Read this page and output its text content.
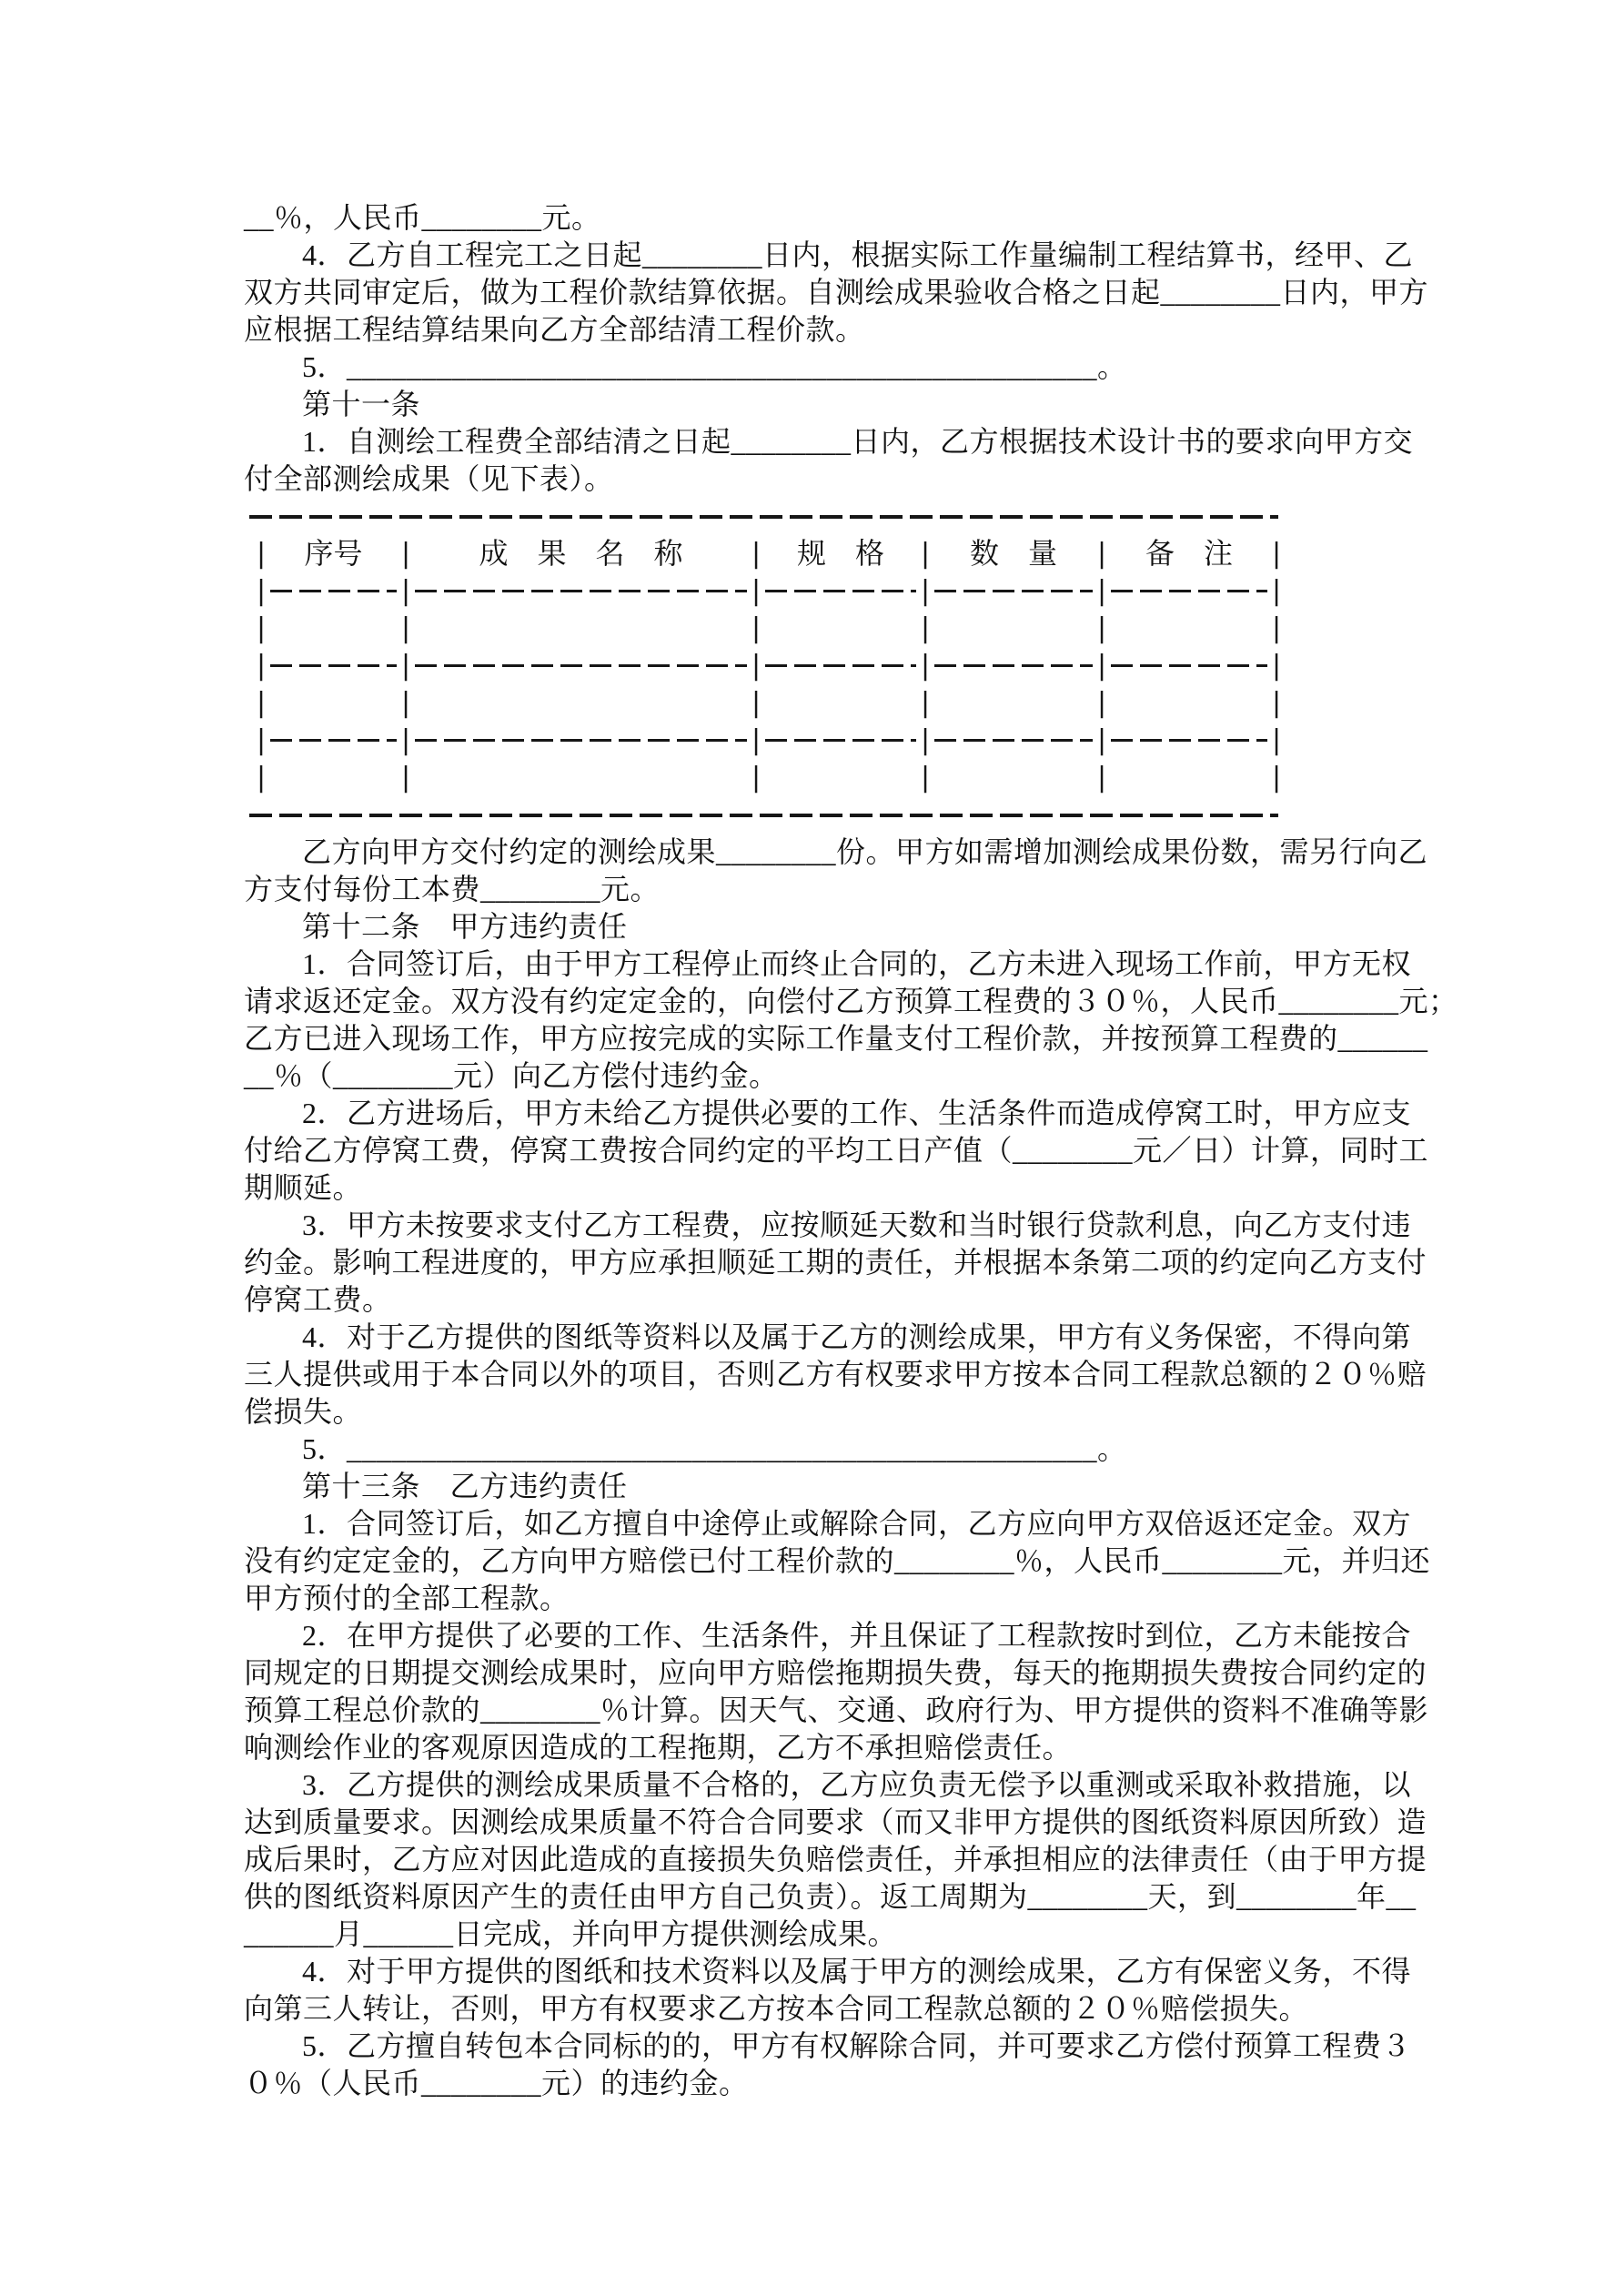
__％，人民币________元。
4．乙方自工程完工之日起________日内，根据实际工作量编制工程结算书，经甲、乙
双方共同审定后，做为工程价款结算依据。自测绘成果验收合格之日起________日内，甲方
应根据工程结算结果向乙方全部结清工程价款。
5．__________________________________________________。
第十一条
1．自测绘工程费全部结清之日起________日内，乙方根据技术设计书的要求向甲方交
付全部测绘成果（见下表）。
|	序号	|	成　果　名　称	|	规　格	|	数　量	|	备　注	|
|	|	|	|	|	|
|	|	|	|	|	|
|	|	|	|	|	|
|	|	|	|	|	|
|	|	|	|	|	|
|	|	|	|	|	|
乙方向甲方交付约定的测绘成果________份。甲方如需增加测绘成果份数，需另行向乙
方支付每份工本费________元。
第十二条　甲方违约责任
1．合同签订后，由于甲方工程停止而终止合同的，乙方未进入现场工作前，甲方无权
请求返还定金。双方没有约定定金的，向偿付乙方预算工程费的３０％，人民币________元；
乙方已进入现场工作，甲方应按完成的实际工作量支付工程价款，并按预算工程费的______
__％（________元）向乙方偿付违约金。
2．乙方进场后，甲方未给乙方提供必要的工作、生活条件而造成停窝工时，甲方应支
付给乙方停窝工费，停窝工费按合同约定的平均工日产值（________元／日）计算，同时工
期顺延。
3．甲方未按要求支付乙方工程费，应按顺延天数和当时银行贷款利息，向乙方支付违
约金。影响工程进度的，甲方应承担顺延工期的责任，并根据本条第二项的约定向乙方支付
停窝工费。
4．对于乙方提供的图纸等资料以及属于乙方的测绘成果，甲方有义务保密，不得向第
三人提供或用于本合同以外的项目，否则乙方有权要求甲方按本合同工程款总额的２０％赔
偿损失。
5．__________________________________________________。
第十三条　乙方违约责任
1．合同签订后，如乙方擅自中途停止或解除合同，乙方应向甲方双倍返还定金。双方
没有约定定金的，乙方向甲方赔偿已付工程价款的________％，人民币________元，并归还
甲方预付的全部工程款。
2．在甲方提供了必要的工作、生活条件，并且保证了工程款按时到位，乙方未能按合
同规定的日期提交测绘成果时，应向甲方赔偿拖期损失费，每天的拖期损失费按合同约定的
预算工程总价款的________％计算。因天气、交通、政府行为、甲方提供的资料不准确等影
响测绘作业的客观原因造成的工程拖期，乙方不承担赔偿责任。
3．乙方提供的测绘成果质量不合格的，乙方应负责无偿予以重测或采取补救措施，以
达到质量要求。因测绘成果质量不符合合同要求（而又非甲方提供的图纸资料原因所致）造
成后果时，乙方应对因此造成的直接损失负赔偿责任，并承担相应的法律责任（由于甲方提
供的图纸资料原因产生的责任由甲方自己负责）。返工周期为________天，到________年__
______月______日完成，并向甲方提供测绘成果。
4．对于甲方提供的图纸和技术资料以及属于甲方的测绘成果，乙方有保密义务，不得
向第三人转让，否则，甲方有权要求乙方按本合同工程款总额的２０％赔偿损失。
5．乙方擅自转包本合同标的的，甲方有权解除合同，并可要求乙方偿付预算工程费３
０％（人民币________元）的违约金。
